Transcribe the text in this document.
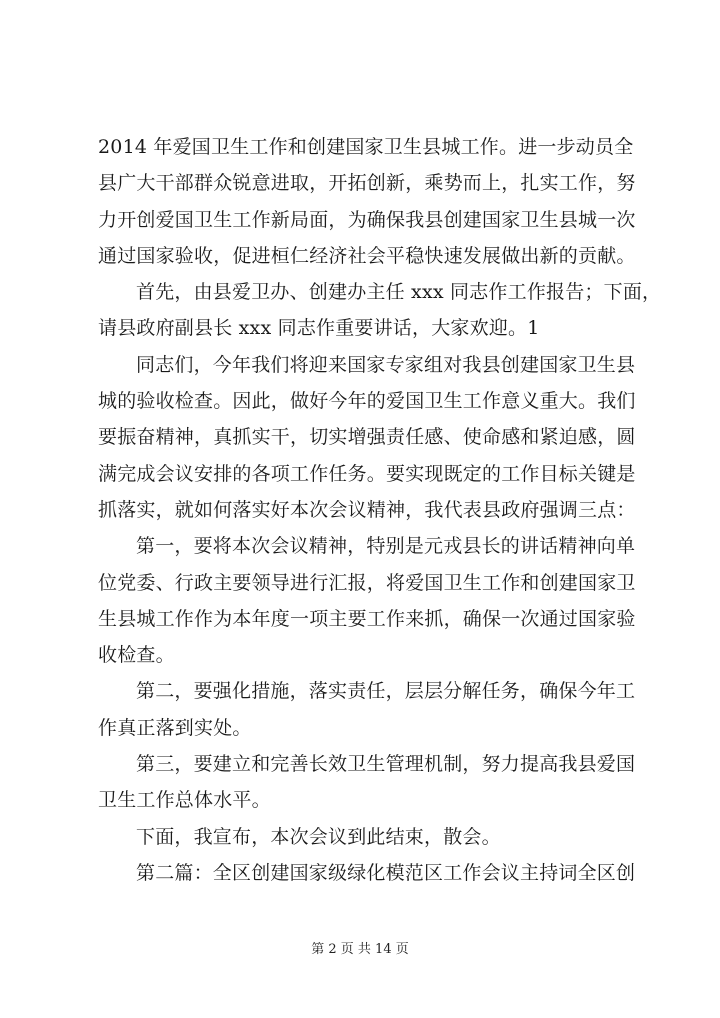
2014 年爱国卫生工作和创建国家卫生县城工作。进一步动员全
县广大干部群众锐意进取，开拓创新，乘势而上，扎实工作，努
力开创爱国卫生工作新局面，为确保我县创建国家卫生县城一次
通过国家验收，促进桓仁经济社会平稳快速发展做出新的贡献。

首先，由县爱卫办、创建办主任 xxx 同志作工作报告；下面，
请县政府副县长 xxx 同志作重要讲话，大家欢迎。1

同志们，今年我们将迎来国家专家组对我县创建国家卫生县
城的验收检查。因此，做好今年的爱国卫生工作意义重大。我们
要振奋精神，真抓实干，切实增强责任感、使命感和紧迫感，圆
满完成会议安排的各项工作任务。要实现既定的工作目标关键是
抓落实，就如何落实好本次会议精神，我代表县政府强调三点：

第一，要将本次会议精神，特别是元戎县长的讲话精神向单
位党委、行政主要领导进行汇报，将爱国卫生工作和创建国家卫
生县城工作作为本年度一项主要工作来抓，确保一次通过国家验
收检查。

第二，要强化措施，落实责任，层层分解任务，确保今年工
作真正落到实处。

第三，要建立和完善长效卫生管理机制，努力提高我县爱国
卫生工作总体水平。

下面，我宣布，本次会议到此结束，散会。

第二篇：全区创建国家级绿化模范区工作会议主持词全区创

第 2 页 共 14 页
